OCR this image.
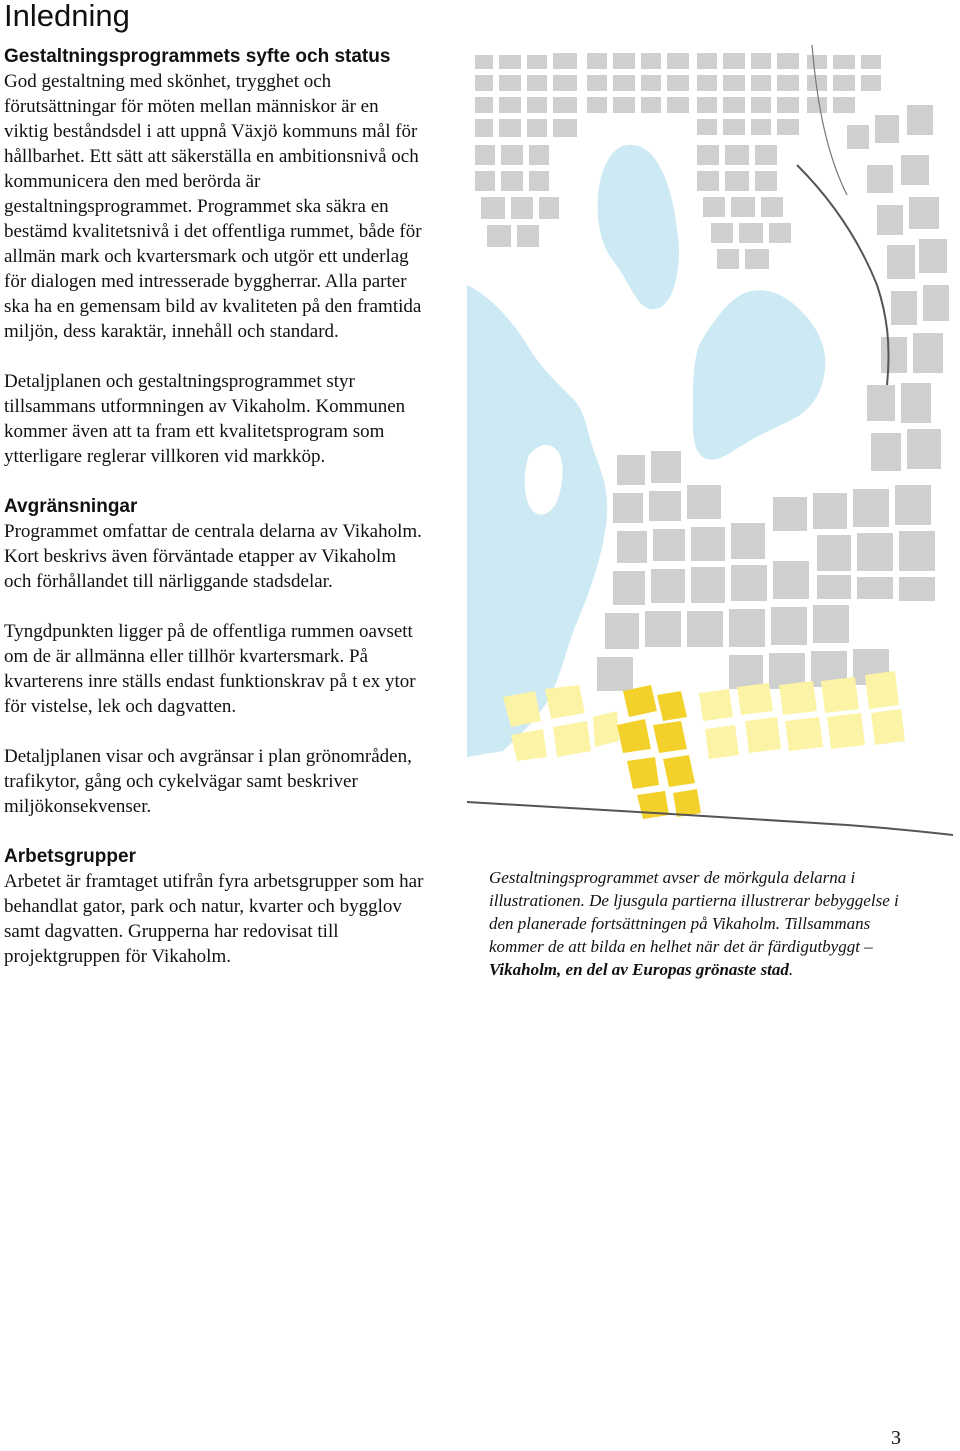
Inledning
Gestaltningsprogrammets syfte och status

God gestaltning med skönhet, trygghet och förutsättningar för möten mellan människor är en viktig beståndsdel i att uppnå Växjö kommuns mål för hållbarhet. Ett sätt att säkerställa en ambitionsnivå och kommunicera den med berörda är gestaltningsprogrammet. Programmet ska säkra en bestämd kvalitetsnivå i det offentliga rummet, både för allmän mark och kvartersmark och utgör ett underlag för dialogen med intresserade byggherrar. Alla parter ska ha en gemensam bild av kvaliteten på den framtida miljön, dess karaktär, innehåll och standard.

Detaljplanen och gestaltningsprogrammet styr tillsammans utformningen av Vikaholm. Kommunen kommer även att ta fram ett kvalitetsprogram som ytterligare reglerar villkoren vid markköp.

Avgränsningar

Programmet omfattar de centrala delarna av Vikaholm. Kort beskrivs även förväntade etapper av Vikaholm och förhållandet till närliggande stadsdelar.

Tyngdpunkten ligger på de offentliga rummen oavsett om de är allmänna eller tillhör kvartersmark. På kvarterens inre ställs endast funktionskrav på t ex ytor för vistelse, lek och dagvatten.

Detaljplanen visar och avgränsar i plan grönområden, trafikytor, gång och cykelvägar samt beskriver miljökonsekvenser.

Arbetsgrupper

Arbetet är framtaget utifrån fyra arbetsgrupper som har behandlat gator, park och natur, kvarter och bygglov samt dagvatten. Grupperna har redovisat till projektgruppen för Vikaholm.

Gestaltningsprogrammet avser de mörkgula delarna i illustrationen. De ljusgula partierna illustrerar bebyggelse i den planerade fortsättningen på Vikaholm. Tillsammans kommer de att bilda en helhet när det är färdigutbyggt – Vikaholm, en del av Europas grönaste stad.

3
